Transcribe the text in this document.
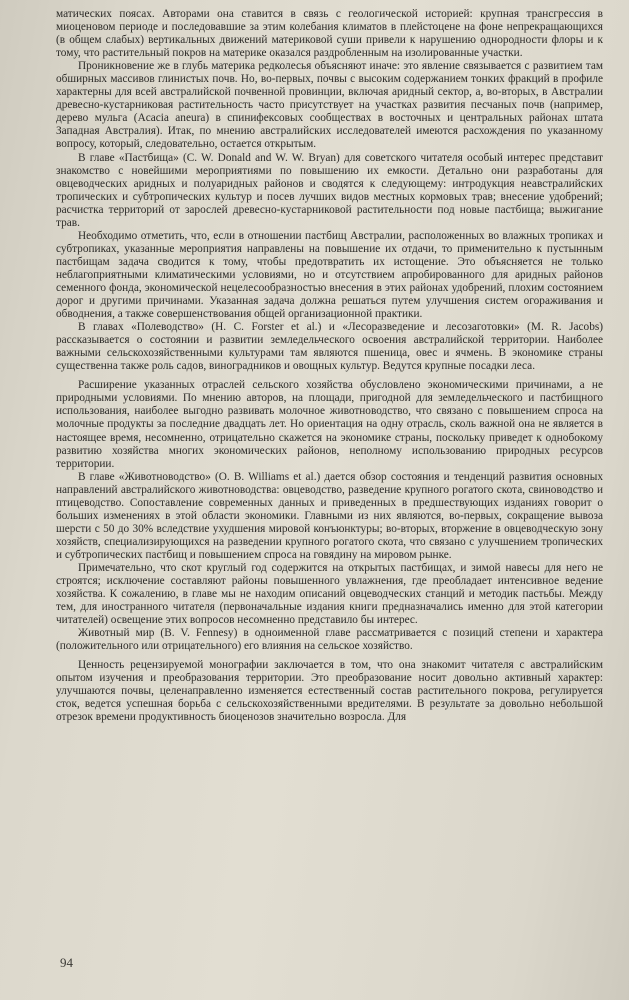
матических поясах. Авторами она ставится в связь с геологической историей: крупная трансгрессия в миоценовом периоде и последовавшие за этим колебания климатов в плейстоцене на фоне непрекращающихся (в общем слабых) вертикальных движений материковой суши привели к нарушению однородности флоры и к тому, что растительный покров на материке оказался раздробленным на изолированные участки.

Проникновение же в глубь материка редколесья объясняют иначе: это явление связывается с развитием там обширных массивов глинистых почв. Но, во-первых, почвы с высоким содержанием тонких фракций в профиле характерны для всей австралийской почвенной провинции, включая аридный сектор, а, во-вторых, в Австралии древесно-кустарниковая растительность часто присутствует на участках развития песчаных почв (например, дерево мульга (Acacia aneura) в спинифексовых сообществах в восточных и центральных районах штата Западная Австралия). Итак, по мнению австралийских исследователей имеются расхождения по указанному вопросу, который, следовательно, остается открытым.

В главе «Пастбища» (C. W. Donald and W. W. Bryan) для советского читателя особый интерес представит знакомство с новейшими мероприятиями по повышению их емкости. Детально они разработаны для овцеводческих аридных и полуаридных районов и сводятся к следующему: интродукция неавстралийских тропических и субтропических культур и посев лучших видов местных кормовых трав; внесение удобрений; расчистка территорий от зарослей древесно-кустарниковой растительности под новые пастбища; выжигание трав.

Необходимо отметить, что, если в отношении пастбищ Австралии, расположенных во влажных тропиках и субтропиках, указанные мероприятия направлены на повышение их отдачи, то применительно к пустынным пастбищам задача сводится к тому, чтобы предотвратить их истощение. Это объясняется не только неблагоприятными климатическими условиями, но и отсутствием апробированного для аридных районов семенного фонда, экономической нецелесообразностью внесения в этих районах удобрений, плохим состоянием дорог и другими причинами. Указанная задача должна решаться путем улучшения систем огораживания и обводнения, а также совершенствования общей организационной практики.

В главах «Полеводство» (H. C. Forster et al.) и «Лесоразведение и лесозаготовки» (M. R. Jacobs) рассказывается о состоянии и развитии земледельческого освоения австралийской территории. Наиболее важными сельскохозяйственными культурами там являются пшеница, овес и ячмень. В экономике страны существенна также роль садов, виноградников и овощных культур. Ведутся крупные посадки леса.

Расширение указанных отраслей сельского хозяйства обусловлено экономическими причинами, а не природными условиями. По мнению авторов, на площади, пригодной для земледельческого и пастбищного использования, наиболее выгодно развивать молочное животноводство, что связано с повышением спроса на молочные продукты за последние двадцать лет. Но ориентация на одну отрасль, сколь важной она не является в настоящее время, несомненно, отрицательно скажется на экономике страны, поскольку приведет к однобокому развитию хозяйства многих экономических районов, неполному использованию природных ресурсов территории.

В главе «Животноводство» (O. B. Williams et al.) дается обзор состояния и тенденций развития основных направлений австралийского животноводства: овцеводство, разведение крупного рогатого скота, свиноводство и птицеводство. Сопоставление современных данных и приведенных в предшествующих изданиях говорит о больших изменениях в этой области экономики. Главными из них являются, во-первых, сокращение вывоза шерсти с 50 до 30% вследствие ухудшения мировой конъюнктуры; во-вторых, вторжение в овцеводческую зону хозяйств, специализирующихся на разведении крупного рогатого скота, что связано с улучшением тропических и субтропических пастбищ и повышением спроса на говядину на мировом рынке.

Примечательно, что скот круглый год содержится на открытых пастбищах, и зимой навесы для него не строятся; исключение составляют районы повышенного увлажнения, где преобладает интенсивное ведение хозяйства. К сожалению, в главе мы не находим описаний овцеводческих станций и методик пастьбы. Между тем, для иностранного читателя (первоначальные издания книги предназначались именно для этой категории читателей) освещение этих вопросов несомненно представило бы интерес.

Животный мир (B. V. Fennesy) в одноименной главе рассматривается с позиций степени и характера (положительного или отрицательного) его влияния на сельское хозяйство.

Ценность рецензируемой монографии заключается в том, что она знакомит читателя с австралийским опытом изучения и преобразования территории. Это преобразование носит довольно активный характер: улучшаются почвы, целенаправленно изменяется естественный состав растительного покрова, регулируется сток, ведется успешная борьба с сельскохозяйственными вредителями. В результате за довольно небольшой отрезок времени продуктивность биоценозов значительно возросла. Для

94
